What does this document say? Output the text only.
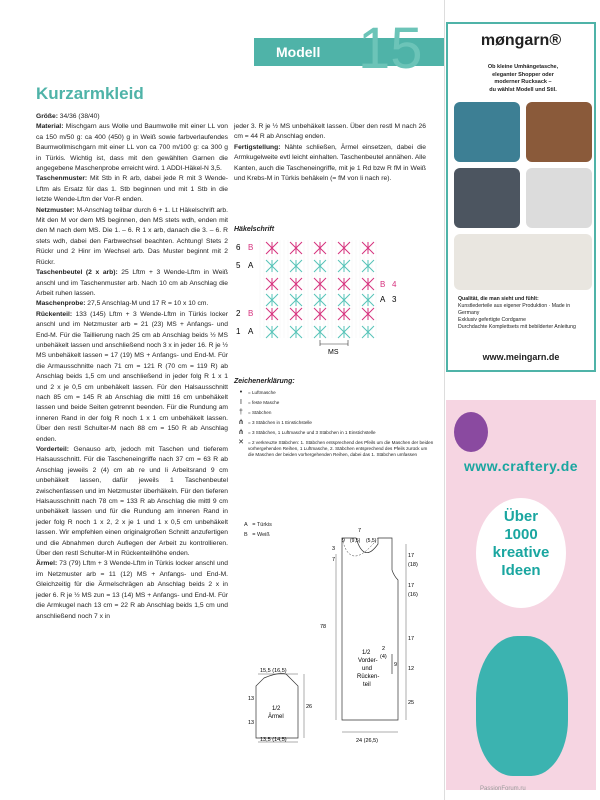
Modell 15
Kurzarmkleid

Größe: 34/36 (38/40)

Material: Mischgarn aus Wolle und Baumwolle mit einer LL von ca 150 m/50 g: ca 400 (450) g in Weiß sowie farbverlaufendes Baumwollmischgarn mit einer LL von ca 700 m/100 g: ca 300 g in Türkis. Wichtig ist, dass mit den gewählten Garnen die angegebene Maschenprobe erreicht wird. 1 ADDI-Häkel-N 3,5.

Taschenmuster: Mit Stb in R arb, dabei jede R mit 3 Wende-Lftm als Ersatz für das 1. Stb beginnen und mit 1 Stb in die letzte Wende-Lftm der Vor-R enden.

Netzmuster: M-Anschlag teilbar durch 6 + 1. Lt Häkelschrift arb. Mit den M vor dem MS beginnen, den MS stets wdh, enden mit den M nach dem MS. Die 1. – 6. R 1 x arb, danach die 3. – 6. R stets wdh, dabei den Farbwechsel beachten. Achtung! Stets 2 Rückr und 2 Hinr im Wechsel arb. Das Muster beginnt mit 2 Rückr.

Taschenbeutel (2 x arb): 25 Lftm + 3 Wende-Lftm in Weiß anschl und im Taschenmuster arb. Nach 10 cm ab Anschlag die Arbeit ruhen lassen.

Maschenprobe: 27,5 Anschlag-M und 17 R = 10 x 10 cm.

Rückenteil: 133 (145) Lftm + 3 Wende-Lftm in Türkis locker anschl und im Netzmuster arb = 21 (23) MS + Anfangs- und End-M. Für die Taillierung nach 25 cm ab Anschlag beids ½ MS unbehäkelt lassen und anschließend noch 3 x in jeder 16. R je ½ MS unbehäkelt lassen = 17 (19) MS + Anfangs- und End-M. Für die Armausschnitte nach 71 cm = 121 R (70 cm = 119 R) ab Anschlag beids 1,5 cm und anschließend in jeder folg R 1 x 1 und 2 x je 0,5 cm unbehäkelt lassen. Für den Halsausschnitt nach 85 cm = 145 R ab Anschlag die mittl 16 cm unbehäkelt lassen und beide Seiten getrennt beenden. Für die Rundung am inneren Rand in der folg R noch 1 x 1 cm unbehäkelt lassen. Über den restl Schulter-M nach 88 cm = 150 R ab Anschlag enden.

Vorderteil: Genauso arb, jedoch mit Taschen und tieferem Halsausschnitt. Für die Tascheneingriffe nach 37 cm = 63 R ab Anschlag jeweils 2 (4) cm ab re und li Arbeitsrand 9 cm unbehäkelt lassen, dafür jeweils 1 Taschenbeutel zwischenfassen und im Netzmuster überhäkeln. Für den tieferen Halsausschnitt nach 78 cm = 133 R ab Anschlag die mittl 9 cm unbehäkelt lassen und für die Rundung am inneren Rand in jeder folg R noch 1 x 2, 2 x je 1 und 1 x 0,5 cm unbehäkelt lassen. Wir empfehlen einen originalgroßen Schnitt anzufertigen und die Abnahmen durch Auflegen der Arbeit zu kontrollieren. Über den restl Schulter-M in Rückenteilhöhe enden.

Ärmel: 73 (79) Lftm + 3 Wende-Lftm in Türkis locker anschl und im Netzmuster arb = 11 (12) MS + Anfangs- und End-M. Gleichzeitig für die Ärmelschrägen ab Anschlag beids 2 x in jeder 6. R je ½ MS zun = 13 (14) MS + Anfangs- und End-M. Für die Armkugel nach 13 cm = 22 R ab Anschlag beids 1,5 cm und anschließend noch 7 x in

jeder 3. R je ½ MS unbehäkelt lassen. Über den restl M nach 26 cm = 44 R ab Anschlag enden.

Fertigstellung: Nähte schließen, Ärmel einsetzen, dabei die Armkugelweite evtl leicht einhalten. Taschenbeutel annähen. Alle Kanten, auch die Tascheneingriffe, mit je 1 Rd bzw R fM in Weiß und Krebs-M in Türkis behäkeln (= fM von li nach re).

Häkelschrift
6 B
5 A
2 B
1 A
4
B
3
A
MS
Zeichenerklärung:
•	= Luftmasche
I	= feste Masche
†	= Stäbchen
⋔ = 3 Stäbchen in 1 Einstichstelle
⋔ = 3 Stäbchen, 1 Luftmasche und 3 Stäbchen in 1 Einstichstelle
✕ = 2 verkreuzte Stäbchen: 1. Stäbchen entsprechend des Pfeils um die Maschen der beiden vorhergehenden Reihen, 1 Luftmasche, 2. Stäbchen entsprechend des Pfeils zurück um die Maschen der beiden vorhergehenden Reihen, dabei das 1. Stäbchen umfassen
A = Türkis
B = Weiß
7
9 (9,5) (5,5)
3
7
78
17
(18)
17
(16)
17
12
25
2
(4)
9
24 (26,5)
15,5 (16,5)
13,5 (14,5)
13
26
13
1/2
Ärmel
1/2
Vorder-
und
Rücken-
teil
møngarn®
Ob kleine Umhängetasche,
eleganter Shopper oder
moderner Rucksack –
du wählst Modell und Stil.
Qualität, die man sieht und fühlt:
Kunstlederteile aus eigener Produktion · Made in Germany
Exklusiv gefertigte Cordgarne
Durchdachte Komplettsets mit bebilderter Anleitung
www.meingarn.de
www.craftery.de
Über
1000
kreative
Ideen
PassionForum.ru
